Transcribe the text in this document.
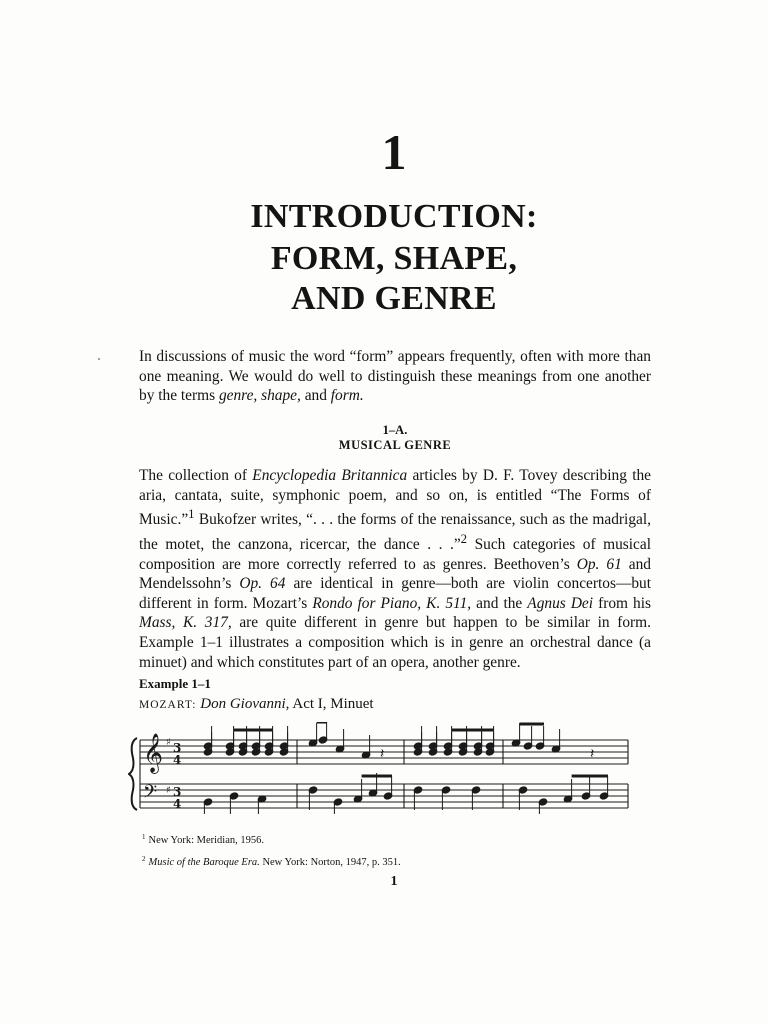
1
INTRODUCTION:
FORM, SHAPE,
AND GENRE

In discussions of music the word “form” appears frequently, often with more than one meaning. We would do well to distinguish these meanings from one another by the terms genre, shape, and form.

1–A.
MUSICAL GENRE

The collection of Encyclopedia Britannica articles by D. F. Tovey describing the aria, cantata, suite, symphonic poem, and so on, is entitled “The Forms of Music.”$^1$ Bukofzer writes, “. . . the forms of the renaissance, such as the madrigal, the motet, the canzona, ricercar, the dance . . .”$^2$ Such categories of musical composition are more correctly referred to as genres. Beethoven’s Op. 61 and Mendelssohn’s Op. 64 are identical in genre—both are violin concertos—but different in form. Mozart’s Rondo for Piano, K. 511, and the Agnus Dei from his Mass, K. 317, are quite different in genre but happen to be similar in form. Example 1–1 illustrates a composition which is in genre an orchestral dance (a minuet) and which constitutes part of an opera, another genre.

Example 1–1
MOZART: Don Giovanni, Act I, Minuet
𝄞
𝄢
♯
♯
3
4
3
4
𝄽	𝄽
$^1$ New York: Meridian, 1956.
$^2$ Music of the Baroque Era. New York: Norton, 1947, p. 351.
1
